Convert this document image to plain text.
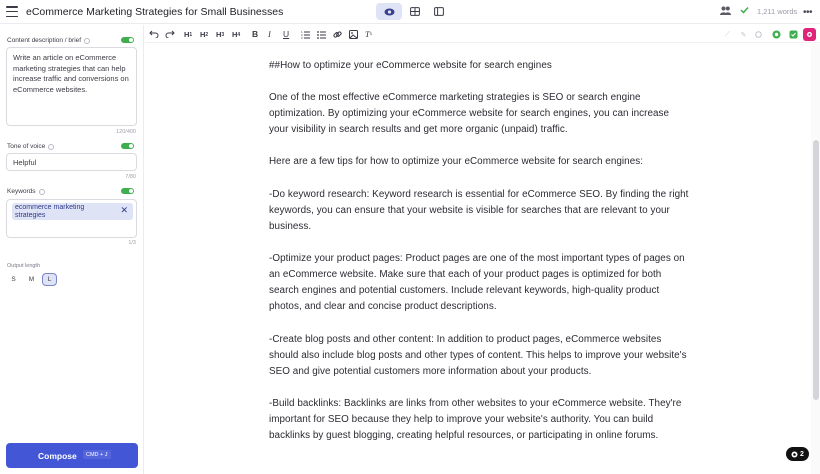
eCommerce Marketing Strategies for Small Businesses	1,211 words •••
Content description / brief
Write an article on eCommerce marketing strategies that can help increase traffic and conversions on eCommerce websites.
120/400
Tone of voice
Helpful
7/80
Keywords
ecommerce marketing strategies	✕
1/3
Output length
S	M	L
Compose	CMD + J
$H_1$ $H_2$ $H_3$ $H_4$ B I U	1
2
3	T x	⟋	✎

##How to optimize your eCommerce website for search engines

One of the most effective eCommerce marketing strategies is SEO or search engine optimization. By optimizing your eCommerce website for search engines, you can increase your visibility in search results and get more organic (unpaid) traffic.

Here are a few tips for how to optimize your eCommerce website for search engines:

-Do keyword research: Keyword research is essential for eCommerce SEO. By finding the right keywords, you can ensure that your website is visible for searches that are relevant to your business.

-Optimize your product pages: Product pages are one of the most important types of pages on an eCommerce website. Make sure that each of your product pages is optimized for both search engines and potential customers. Include relevant keywords, high-quality product photos, and clear and concise product descriptions.

-Create blog posts and other content: In addition to product pages, eCommerce websites should also include blog posts and other types of content. This helps to improve your website's SEO and give potential customers more information about your products.

-Build backlinks: Backlinks are links from other websites to your eCommerce website. They're important for SEO because they help to improve your website's authority. You can build backlinks by guest blogging, creating helpful resources, or participating in online forums.

2
